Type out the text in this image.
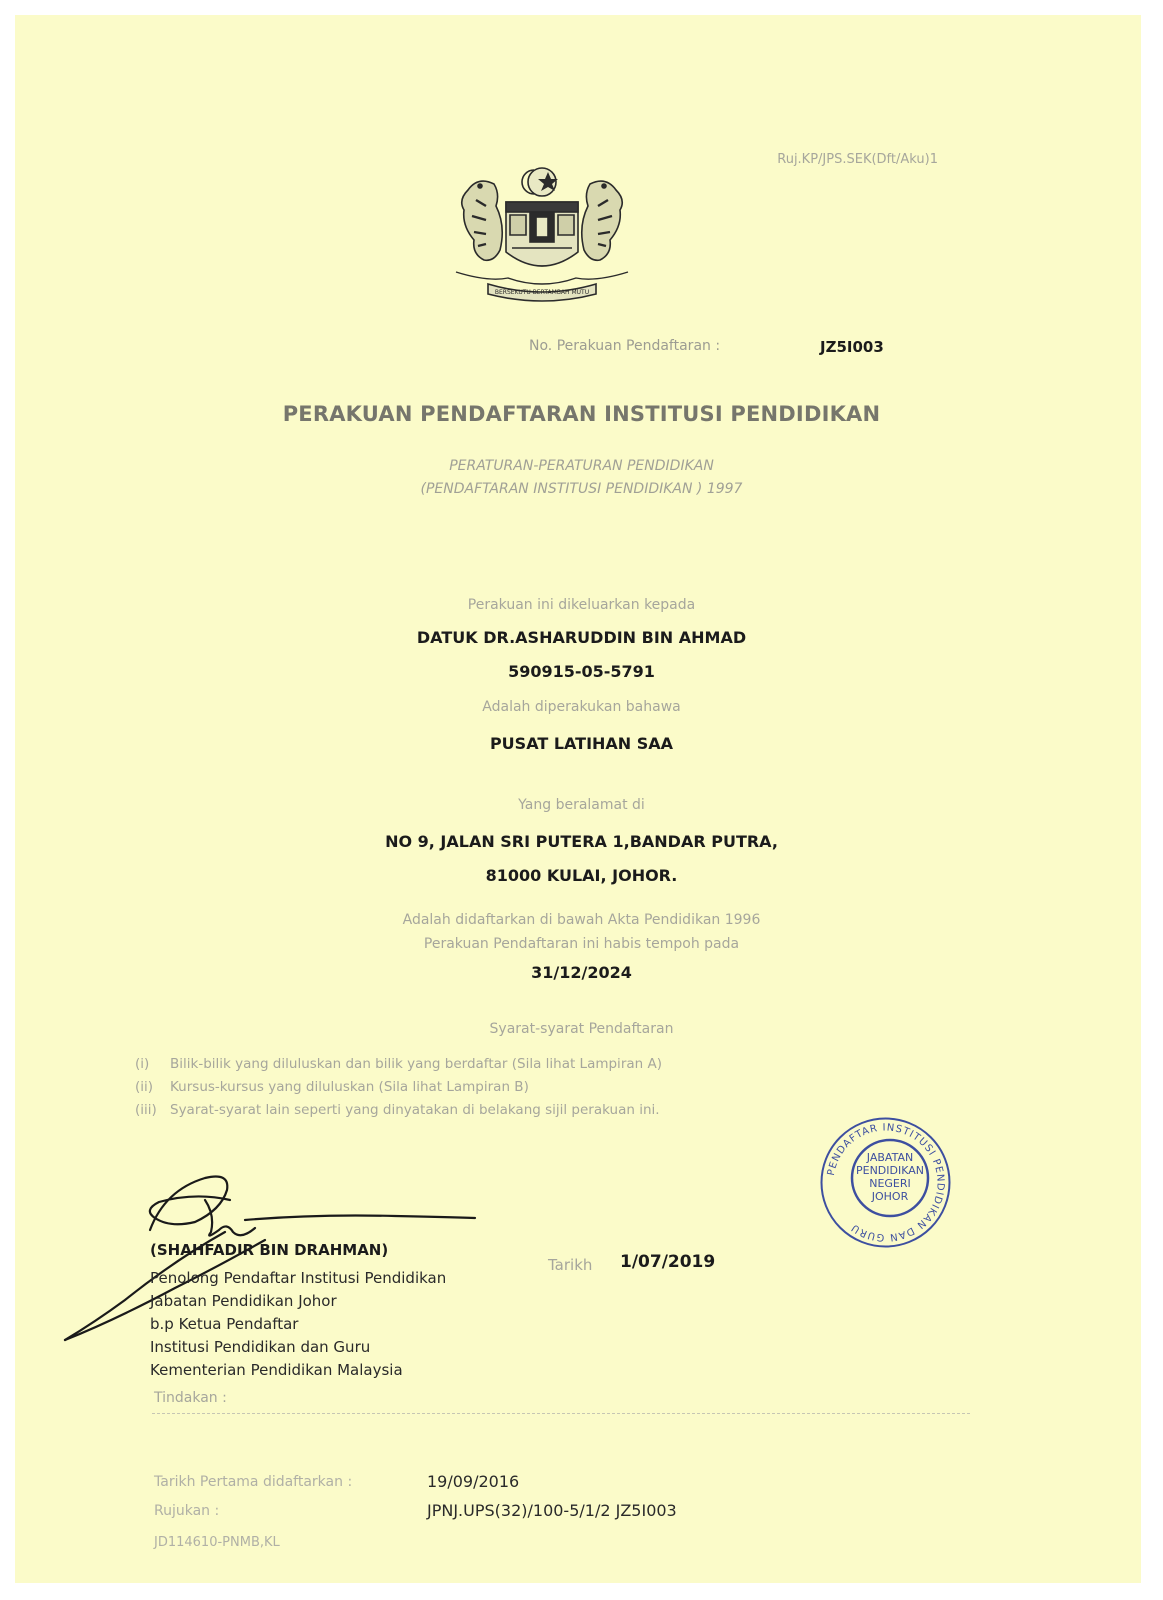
Ruj.KP/JPS.SEK(Dft/Aku)1
BERSEKUTU BERTAMBAH MUTU
No. Perakuan Pendaftaran :	JZ5I003
PERAKUAN PENDAFTARAN INSTITUSI PENDIDIKAN
PERATURAN-PERATURAN PENDIDIKAN
(PENDAFTARAN INSTITUSI PENDIDIKAN ) 1997
Perakuan ini dikeluarkan kepada
DATUK DR.ASHARUDDIN BIN AHMAD
590915-05-5791
Adalah diperakukan bahawa
PUSAT LATIHAN SAA
Yang beralamat di
NO 9, JALAN SRI PUTERA 1,BANDAR PUTRA,
81000 KULAI, JOHOR.
Adalah didaftarkan di bawah Akta Pendidikan 1996
Perakuan Pendaftaran ini habis tempoh pada
31/12/2024
Syarat-syarat Pendaftaran
(i) Bilik-bilik yang diluluskan dan bilik yang berdaftar (Sila lihat Lampiran A)
(ii) Kursus-kursus yang diluluskan (Sila lihat Lampiran B)
(iii) Syarat-syarat lain seperti yang dinyatakan di belakang sijil perakuan ini.
PENDAFTAR INSTITUSI PENDIDIKAN DAN GURU
JABATAN
PENDIDIKAN
NEGERI
JOHOR
(SHAHFADIR BIN DRAHMAN)
Penolong Pendaftar Institusi Pendidikan
Jabatan Pendidikan Johor
b.p Ketua Pendaftar
Institusi Pendidikan dan Guru
Kementerian Pendidikan Malaysia
Tarikh 1/07/2019
Tindakan :
Tarikh Pertama didaftarkan :	19/09/2016
Rujukan :	JPNJ.UPS(32)/100-5/1/2 JZ5I003
JD114610-PNMB,KL
